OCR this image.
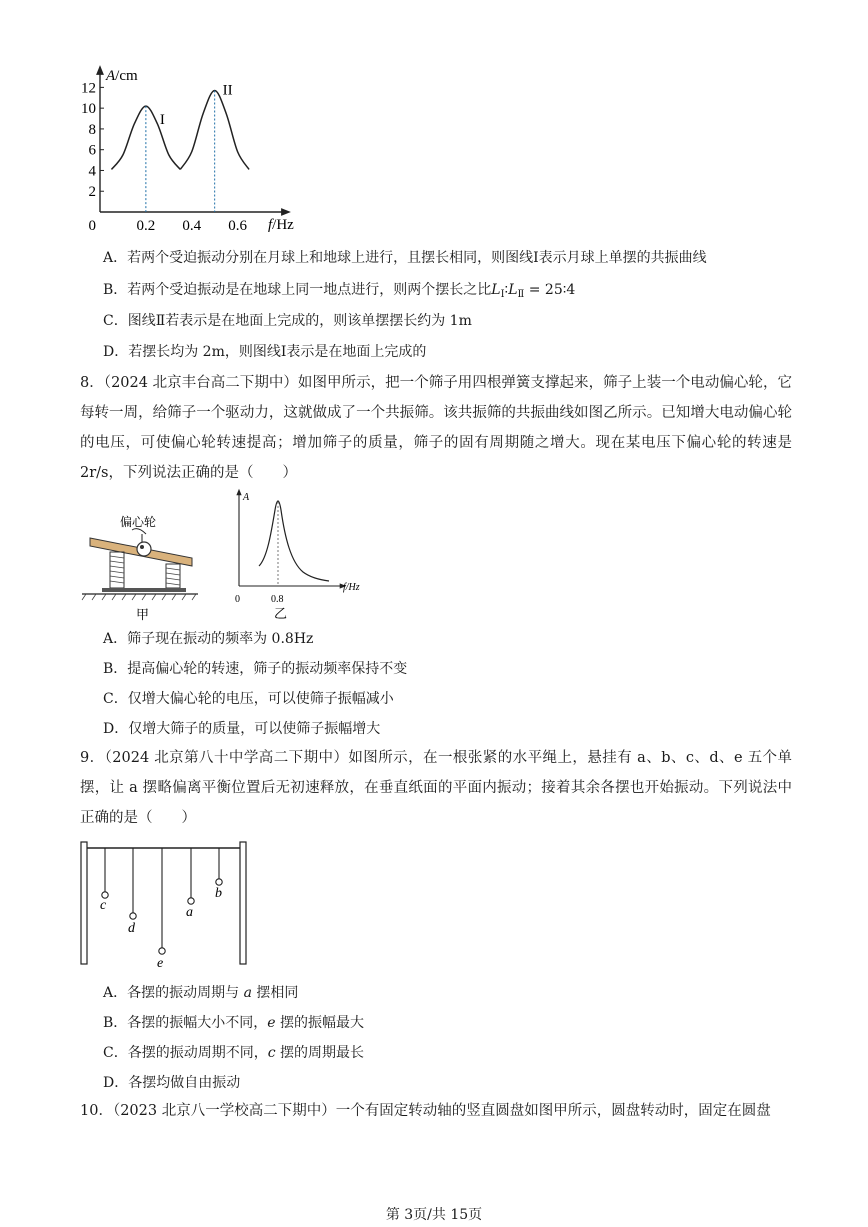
A/cm
2
4
6
8
10
12
0	0.2 0.4 0.6
I
II
f/Hz
A．若两个受迫振动分别在月球上和地球上进行，且摆长相同，则图线Ⅰ表示月球上单摆的共振曲线
B．若两个受迫振动是在地球上同一地点进行，则两个摆长之比$L_Ⅰ∶L_Ⅱ$ = 25∶4
C．图线Ⅱ若表示是在地面上完成的，则该单摆摆长约为 1m
D．若摆长均为 2m，则图线Ⅰ表示是在地面上完成的
8．（2024 北京丰台高二下期中）如图甲所示，把一个筛子用四根弹簧支撑起来，筛子上装一个电动偏心轮，它每转一周，给筛子一个驱动力，这就做成了一个共振筛。该共振筛的共振曲线如图乙所示。已知增大电动偏心轮的电压，可使偏心轮转速提高；增加筛子的质量，筛子的固有周期随之增大。现在某电压下偏心轮的转速是2r/s，下列说法正确的是（　　）
偏心轮
甲
A
f/Hz
0	0.8
乙
A．筛子现在振动的频率为 0.8Hz
B．提高偏心轮的转速，筛子的振动频率保持不变
C．仅增大偏心轮的电压，可以使筛子振幅减小
D．仅增大筛子的质量，可以使筛子振幅增大
9．（2024 北京第八十中学高二下期中）如图所示，在一根张紧的水平绳上，悬挂有 a、b、c、d、e 五个单摆，让 a 摆略偏离平衡位置后无初速释放，在垂直纸面的平面内振动；接着其余各摆也开始振动。下列说法中正确的是（　　）
c
d
e
a
b
A．各摆的振动周期与 a 摆相同
B．各摆的振幅大小不同，e 摆的振幅最大
C．各摆的振动周期不同，c 摆的周期最长
D．各摆均做自由振动
10．（2023 北京八一学校高二下期中）一个有固定转动轴的竖直圆盘如图甲所示，圆盘转动时，固定在圆盘
第 3页/共 15页
